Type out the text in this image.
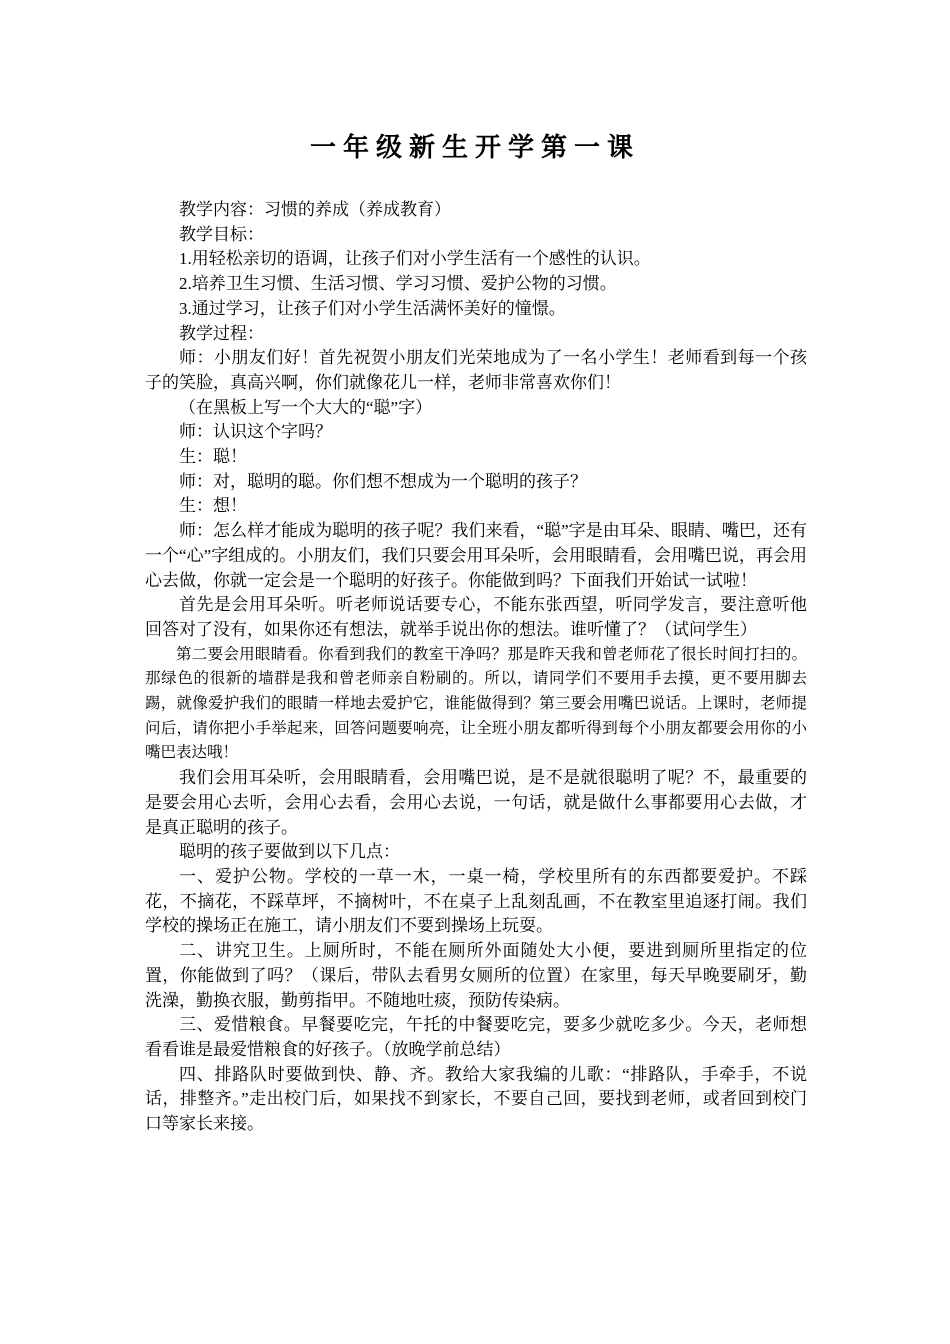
一年级新生开学第一课

教学内容：习惯的养成（养成教育）

教学目标：

1.用轻松亲切的语调，让孩子们对小学生活有一个感性的认识。

2.培养卫生习惯、生活习惯、学习习惯、爱护公物的习惯。

3.通过学习，让孩子们对小学生活满怀美好的憧憬。

教学过程：

师：小朋友们好！首先祝贺小朋友们光荣地成为了一名小学生！老师看到每一个孩子的笑脸，真高兴啊，你们就像花儿一样，老师非常喜欢你们！

（在黑板上写一个大大的“聪”字）

师：认识这个字吗？

生：聪！

师：对，聪明的聪。你们想不想成为一个聪明的孩子？

生：想！

师：怎么样才能成为聪明的孩子呢？我们来看，“聪”字是由耳朵、眼睛、嘴巴，还有一个“心”字组成的。小朋友们，我们只要会用耳朵听，会用眼睛看，会用嘴巴说，再会用心去做，你就一定会是一个聪明的好孩子。你能做到吗？下面我们开始试一试啦！

首先是会用耳朵听。听老师说话要专心，不能东张西望，听同学发言，要注意听他回答对了没有，如果你还有想法，就举手说出你的想法。谁听懂了？（试问学生）

第二要会用眼睛看。你看到我们的教室干净吗？那是昨天我和曾老师花了很长时间打扫的。那绿色的很新的墙群是我和曾老师亲自粉刷的。所以，请同学们不要用手去摸，更不要用脚去踢，就像爱护我们的眼睛一样地去爱护它，谁能做得到？第三要会用嘴巴说话。上课时，老师提问后，请你把小手举起来，回答问题要响亮，让全班小朋友都听得到每个小朋友都要会用你的小嘴巴表达哦！

我们会用耳朵听，会用眼睛看，会用嘴巴说，是不是就很聪明了呢？不，最重要的是要会用心去听，会用心去看，会用心去说，一句话，就是做什么事都要用心去做，才是真正聪明的孩子。

聪明的孩子要做到以下几点：

一、爱护公物。学校的一草一木，一桌一椅，学校里所有的东西都要爱护。不踩花，不摘花，不踩草坪，不摘树叶，不在桌子上乱刻乱画，不在教室里追逐打闹。我们学校的操场正在施工，请小朋友们不要到操场上玩耍。

二、讲究卫生。上厕所时，不能在厕所外面随处大小便，要进到厕所里指定的位置，你能做到了吗？（课后，带队去看男女厕所的位置）在家里，每天早晚要刷牙，勤洗澡，勤换衣服，勤剪指甲。不随地吐痰，预防传染病。

三、爱惜粮食。早餐要吃完，午托的中餐要吃完，要多少就吃多少。今天，老师想看看谁是最爱惜粮食的好孩子。（放晚学前总结）

四、排路队时要做到快、静、齐。教给大家我编的儿歌：“排路队，手牵手，不说话，排整齐。”走出校门后，如果找不到家长，不要自己回，要找到老师，或者回到校门口等家长来接。
